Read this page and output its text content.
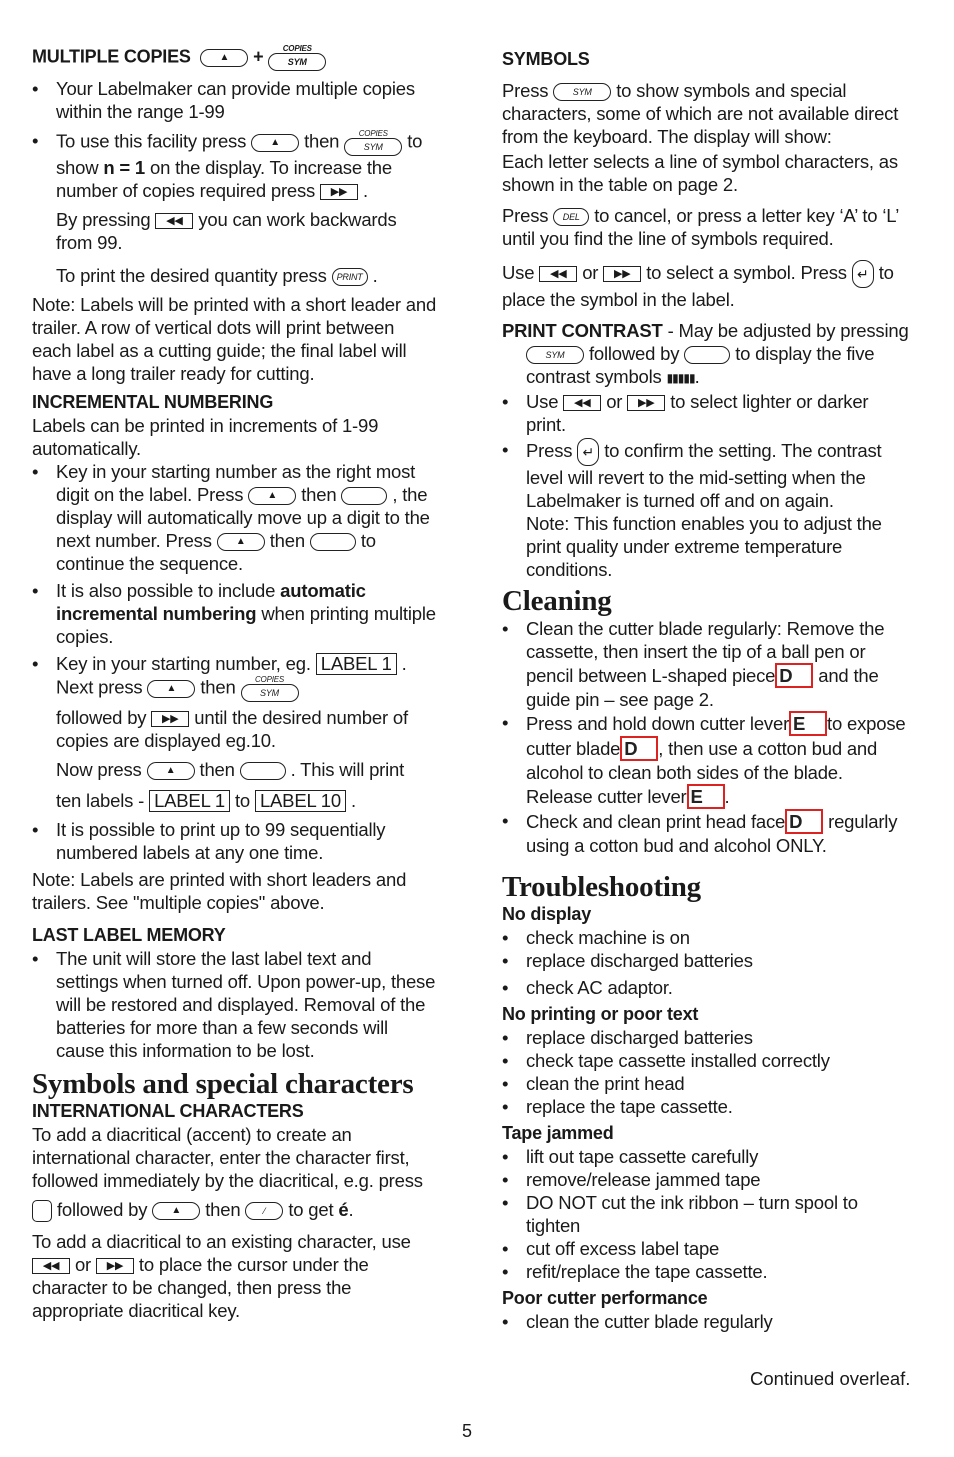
MULTIPLE COPIES	▲ +	COPIES
SYM

• Your Labelmaker can provide multiple copies within the range 1-99
• To use this facility press ▲ then	COPIES
SYM to show n = 1 on the display. To increase the number of copies required press ▶▶ .

By pressing ◀◀ you can work backwards from 99.

To print the desired quantity press PRINT .

Note: Labels will be printed with a short leader and trailer. A row of vertical dots will print between each label as a cutting guide; the final label will have a long trailer ready for cutting.

INCREMENTAL NUMBERING

Labels can be printed in increments of 1-99 automatically.

• Key in your starting number as the right most digit on the label. Press ▲ then	, the display will automatically move up a digit to the next number. Press ▲ then	to continue the sequence.
• It is also possible to include automatic incremental numbering when printing multiple copies.
• Key in your starting number, eg. LABEL 1 .
Next press ▲ then	COPIES
SYM
followed by ▶▶ until the desired number of copies are displayed eg.10.
Now press ▲ then	. This will print
ten labels - LABEL 1 to LABEL 10 .
• It is possible to print up to 99 sequentially numbered labels at any one time.

Note: Labels are printed with short leaders and trailers. See "multiple copies" above.

LAST LABEL MEMORY

• The unit will store the last label text and settings when turned off. Upon power-up, these will be restored and displayed. Removal of the batteries for more than a few seconds will cause this information to be lost.
Symbols and special characters

INTERNATIONAL CHARACTERS

To add a diacritical (accent) to create an international character, enter the character first, followed immediately by the diacritical, e.g. press

followed by ▲ then	⁄ to get é.

To add a diacritical to an existing character, use ◀◀ or ▶▶ to place the cursor under the character to be changed, then press the appropriate diacritical key.

SYMBOLS

Press	SYM to show symbols and special characters, some of which are not available direct from the keyboard. The display will show:

Each letter selects a line of symbol characters, as shown in the table on page 2.

Press DEL to cancel, or press a letter key ‘A’ to ‘L’ until you find the line of symbols required.

Use ◀◀ or ▶▶ to select a symbol. Press ↵ to place the symbol in the label.

PRINT CONTRAST - May be adjusted by pressing

SYM followed by	to display the five contrast symbols ▮▮▮▮▮.

• Use ◀◀ or ▶▶ to select lighter or darker print.
• Press ↵ to confirm the setting. The contrast level will revert to the mid-setting when the Labelmaker is turned off and on again.
Note: This function enables you to adjust the print quality under extreme temperature conditions.
Cleaning
• Clean the cutter blade regularly: Remove the cassette, then insert the tip of a ball pen or pencil between L-shaped piece D and the guide pin – see page 2.
• Press and hold down cutter lever E to expose cutter blade D , then use a cotton bud and alcohol to clean both sides of the blade. Release cutter lever E .
• Check and clean print head face D regularly using a cotton bud and alcohol ONLY.
Troubleshooting

No display

• check machine is on
• replace discharged batteries
• check AC adaptor.

No printing or poor text

• replace discharged batteries
• check tape cassette installed correctly
• clean the print head
• replace the tape cassette.

Tape jammed

• lift out tape cassette carefully
• remove/release jammed tape
• DO NOT cut the ink ribbon – turn spool to tighten
• cut off excess label tape
• refit/replace the tape cassette.

Poor cutter performance

• clean the cutter blade regularly
Continued overleaf.
5
